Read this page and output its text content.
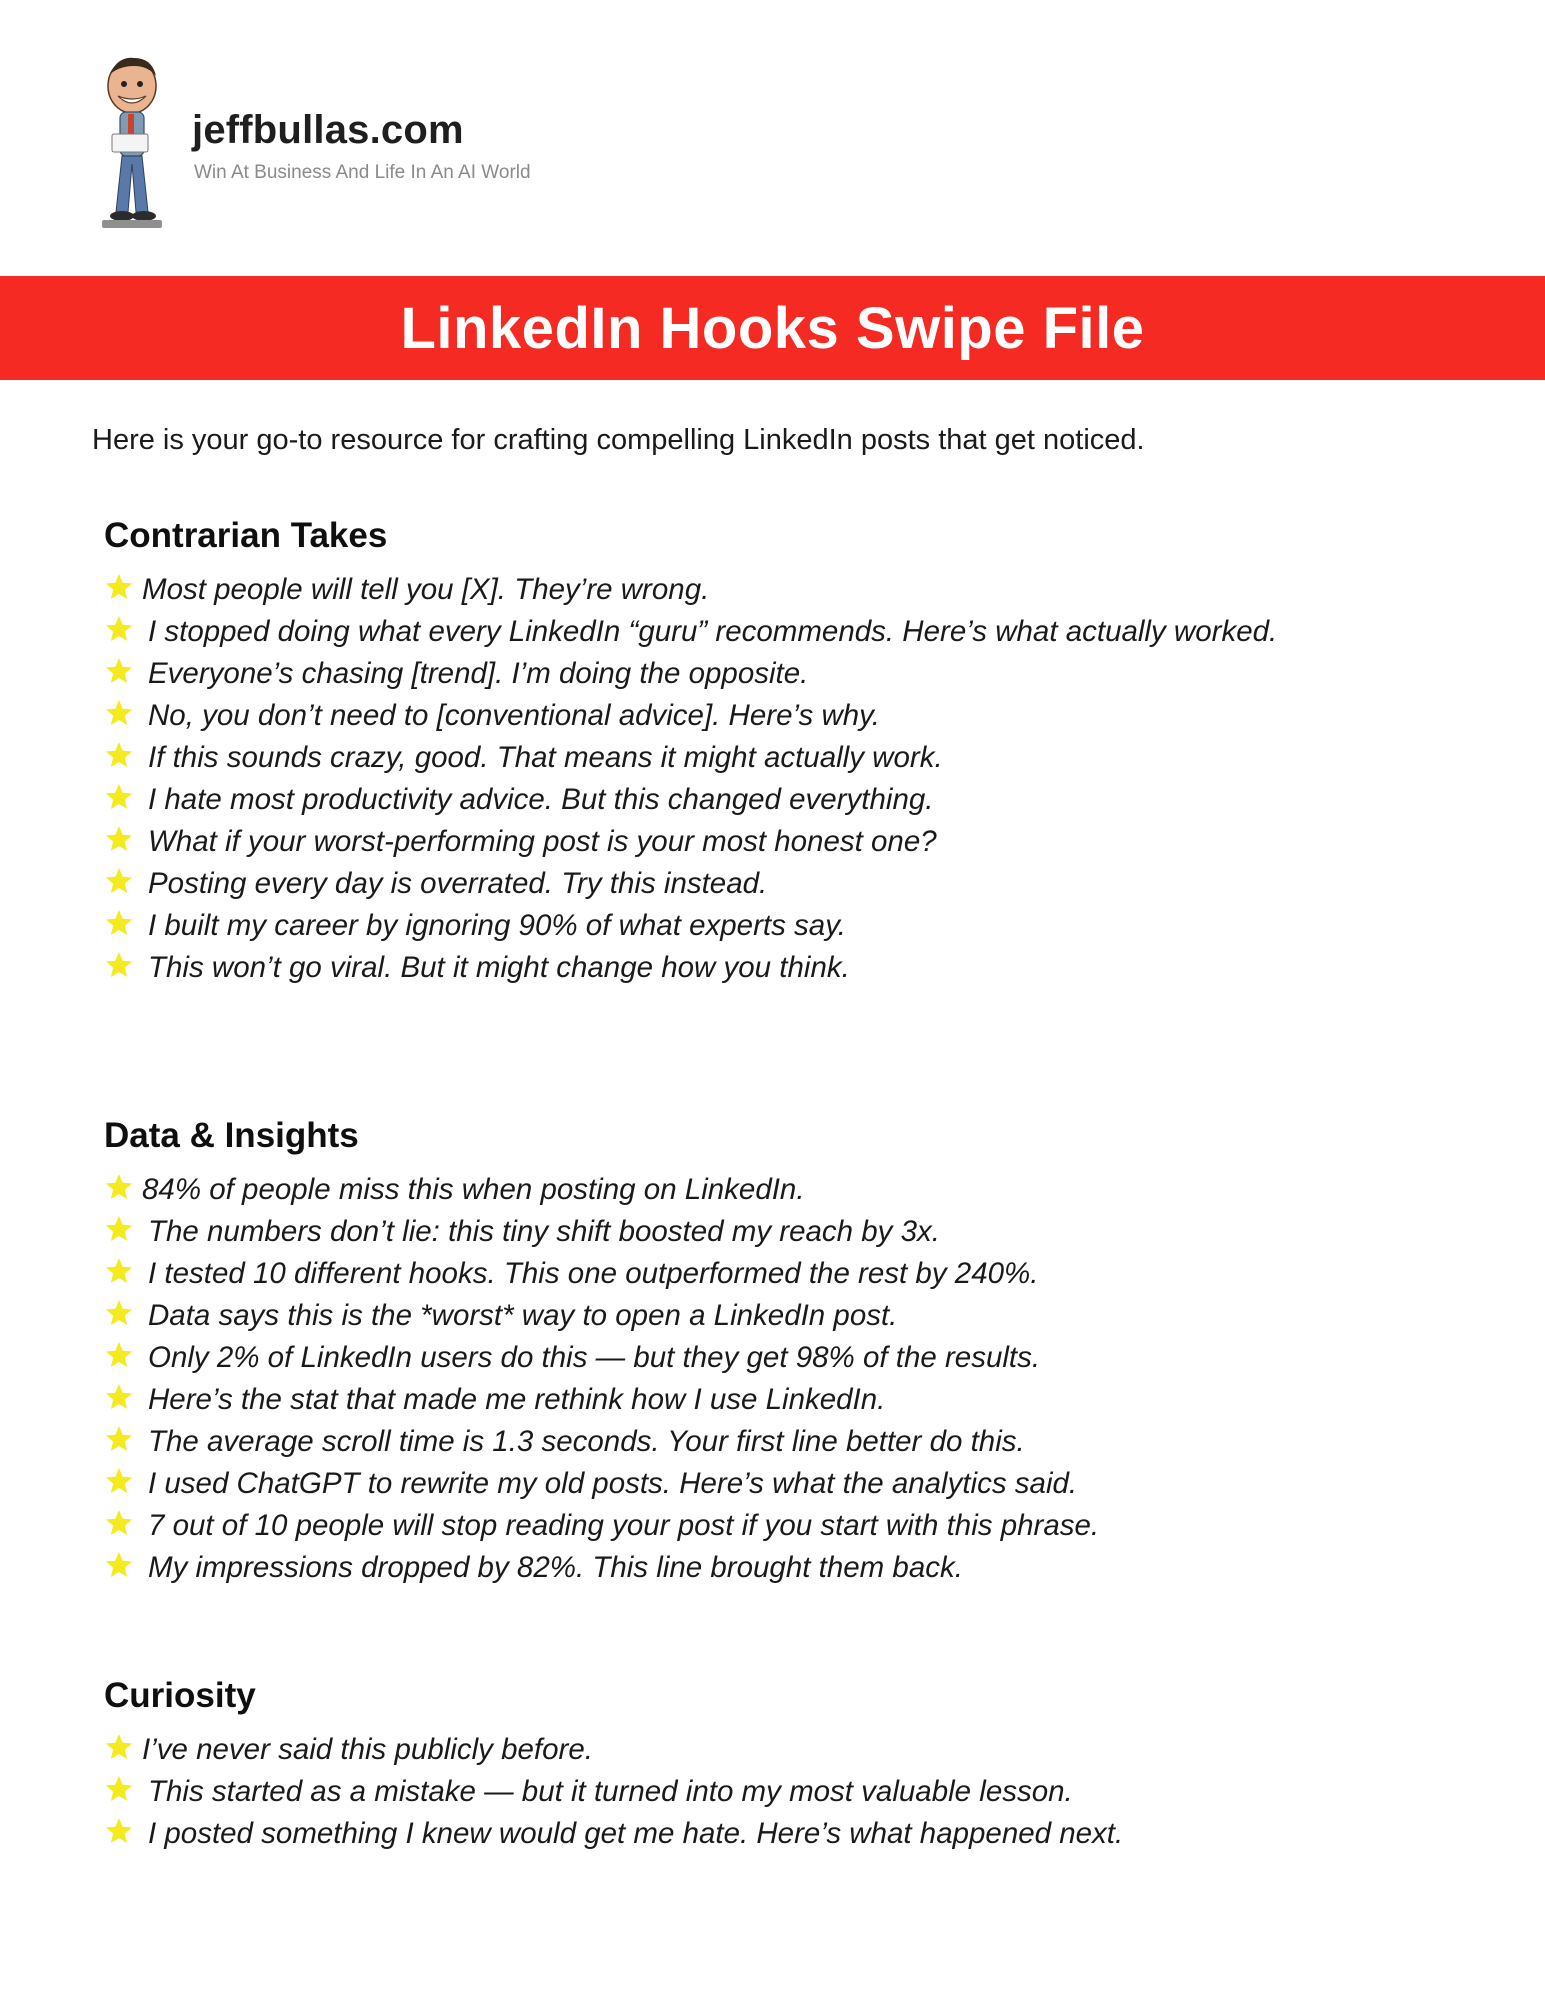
jeffbullas.com
Win At Business And Life In An AI World
LinkedIn Hooks Swipe File
Here is your go-to resource for crafting compelling LinkedIn posts that get noticed.
Contrarian Takes
Most people will tell you [X]. They’re wrong.
I stopped doing what every LinkedIn “guru” recommends. Here’s what actually worked.
Everyone’s chasing [trend]. I’m doing the opposite.
No, you don’t need to [conventional advice]. Here’s why.
If this sounds crazy, good. That means it might actually work.
I hate most productivity advice. But this changed everything.
What if your worst-performing post is your most honest one?
Posting every day is overrated. Try this instead.
I built my career by ignoring 90% of what experts say.
This won’t go viral. But it might change how you think.
Data & Insights
84% of people miss this when posting on LinkedIn.
The numbers don’t lie: this tiny shift boosted my reach by 3x.
I tested 10 different hooks. This one outperformed the rest by 240%.
Data says this is the *worst* way to open a LinkedIn post.
Only 2% of LinkedIn users do this — but they get 98% of the results.
Here’s the stat that made me rethink how I use LinkedIn.
The average scroll time is 1.3 seconds. Your first line better do this.
I used ChatGPT to rewrite my old posts. Here’s what the analytics said.
7 out of 10 people will stop reading your post if you start with this phrase.
My impressions dropped by 82%. This line brought them back.
Curiosity
I’ve never said this publicly before.
This started as a mistake — but it turned into my most valuable lesson.
I posted something I knew would get me hate. Here’s what happened next.
